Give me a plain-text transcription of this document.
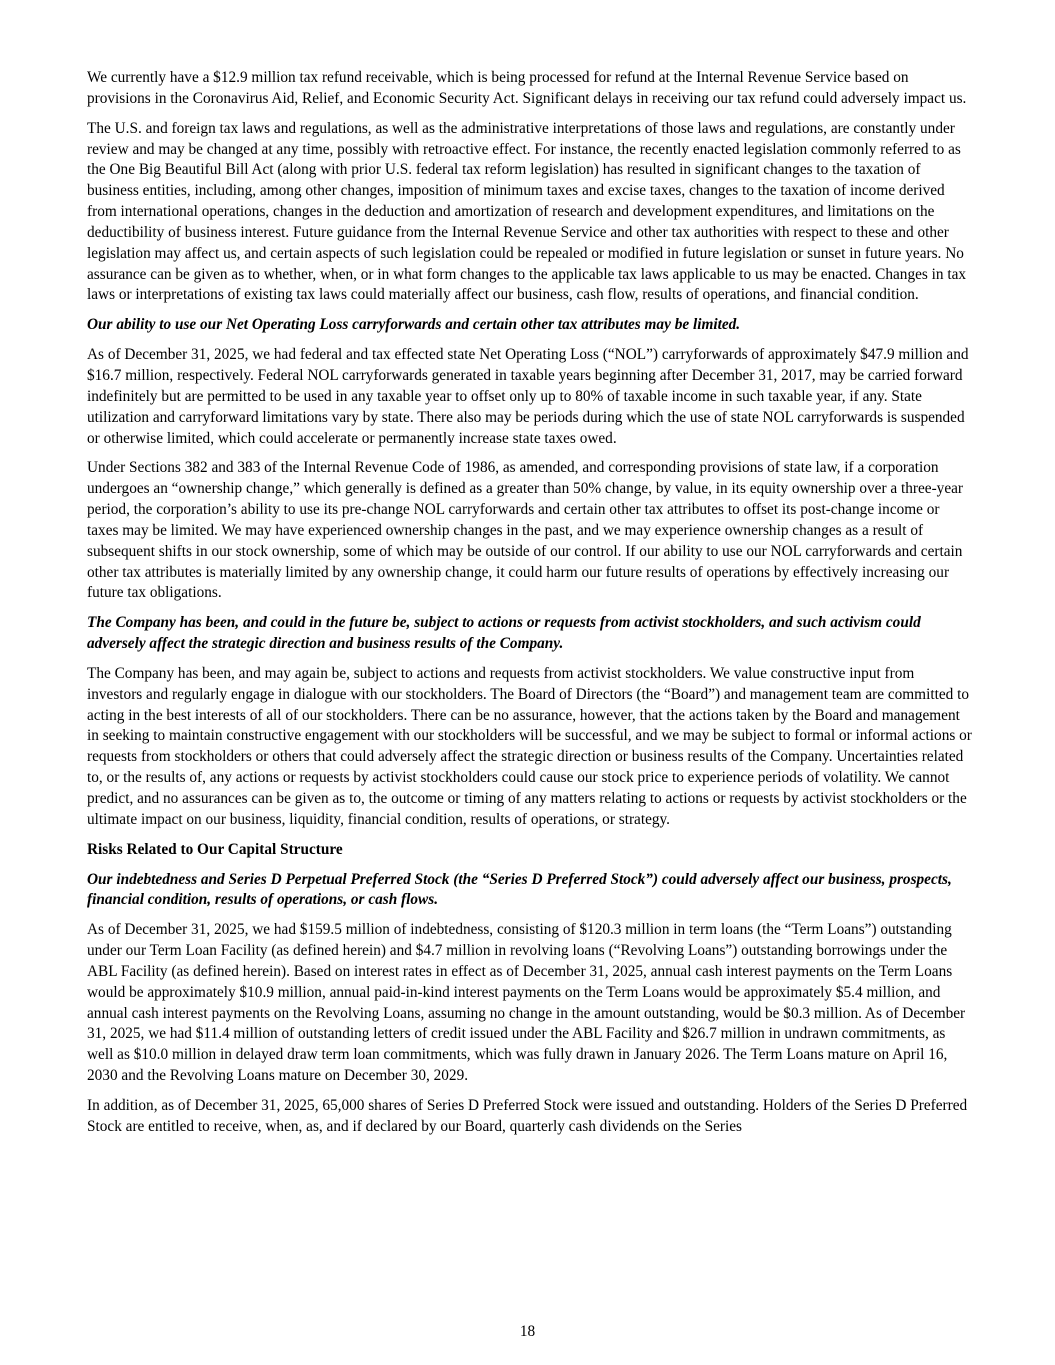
We currently have a $12.9 million tax refund receivable, which is being processed for refund at the Internal Revenue Service based on provisions in the Coronavirus Aid, Relief, and Economic Security Act. Significant delays in receiving our tax refund could adversely impact us.

The U.S. and foreign tax laws and regulations, as well as the administrative interpretations of those laws and regulations, are constantly under review and may be changed at any time, possibly with retroactive effect. For instance, the recently enacted legislation commonly referred to as the One Big Beautiful Bill Act (along with prior U.S. federal tax reform legislation) has resulted in significant changes to the taxation of business entities, including, among other changes, imposition of minimum taxes and excise taxes, changes to the taxation of income derived from international operations, changes in the deduction and amortization of research and development expenditures, and limitations on the deductibility of business interest. Future guidance from the Internal Revenue Service and other tax authorities with respect to these and other legislation may affect us, and certain aspects of such legislation could be repealed or modified in future legislation or sunset in future years. No assurance can be given as to whether, when, or in what form changes to the applicable tax laws applicable to us may be enacted. Changes in tax laws or interpretations of existing tax laws could materially affect our business, cash flow, results of operations, and financial condition.

Our ability to use our Net Operating Loss carryforwards and certain other tax attributes may be limited.

As of December 31, 2025, we had federal and tax effected state Net Operating Loss (“NOL”) carryforwards of approximately $47.9 million and $16.7 million, respectively. Federal NOL carryforwards generated in taxable years beginning after December 31, 2017, may be carried forward indefinitely but are permitted to be used in any taxable year to offset only up to 80% of taxable income in such taxable year, if any. State utilization and carryforward limitations vary by state. There also may be periods during which the use of state NOL carryforwards is suspended or otherwise limited, which could accelerate or permanently increase state taxes owed.

Under Sections 382 and 383 of the Internal Revenue Code of 1986, as amended, and corresponding provisions of state law, if a corporation undergoes an “ownership change,” which generally is defined as a greater than 50% change, by value, in its equity ownership over a three-year period, the corporation’s ability to use its pre-change NOL carryforwards and certain other tax attributes to offset its post-change income or taxes may be limited. We may have experienced ownership changes in the past, and we may experience ownership changes as a result of subsequent shifts in our stock ownership, some of which may be outside of our control. If our ability to use our NOL carryforwards and certain other tax attributes is materially limited by any ownership change, it could harm our future results of operations by effectively increasing our future tax obligations.

The Company has been, and could in the future be, subject to actions or requests from activist stockholders, and such activism could adversely affect the strategic direction and business results of the Company.

The Company has been, and may again be, subject to actions and requests from activist stockholders. We value constructive input from investors and regularly engage in dialogue with our stockholders. The Board of Directors (the “Board”) and management team are committed to acting in the best interests of all of our stockholders. There can be no assurance, however, that the actions taken by the Board and management in seeking to maintain constructive engagement with our stockholders will be successful, and we may be subject to formal or informal actions or requests from stockholders or others that could adversely affect the strategic direction or business results of the Company. Uncertainties related to, or the results of, any actions or requests by activist stockholders could cause our stock price to experience periods of volatility. We cannot predict, and no assurances can be given as to, the outcome or timing of any matters relating to actions or requests by activist stockholders or the ultimate impact on our business, liquidity, financial condition, results of operations, or strategy.

Risks Related to Our Capital Structure

Our indebtedness and Series D Perpetual Preferred Stock (the “Series D Preferred Stock”) could adversely affect our business, prospects, financial condition, results of operations, or cash flows.

As of December 31, 2025, we had $159.5 million of indebtedness, consisting of $120.3 million in term loans (the “Term Loans”) outstanding under our Term Loan Facility (as defined herein) and $4.7 million in revolving loans (“Revolving Loans”) outstanding borrowings under the ABL Facility (as defined herein). Based on interest rates in effect as of December 31, 2025, annual cash interest payments on the Term Loans would be approximately $10.9 million, annual paid-in-kind interest payments on the Term Loans would be approximately $5.4 million, and annual cash interest payments on the Revolving Loans, assuming no change in the amount outstanding, would be $0.3 million. As of December 31, 2025, we had $11.4 million of outstanding letters of credit issued under the ABL Facility and $26.7 million in undrawn commitments, as well as $10.0 million in delayed draw term loan commitments, which was fully drawn in January 2026. The Term Loans mature on April 16, 2030 and the Revolving Loans mature on December 30, 2029.

In addition, as of December 31, 2025, 65,000 shares of Series D Preferred Stock were issued and outstanding. Holders of the Series D Preferred Stock are entitled to receive, when, as, and if declared by our Board, quarterly cash dividends on the Series

18
